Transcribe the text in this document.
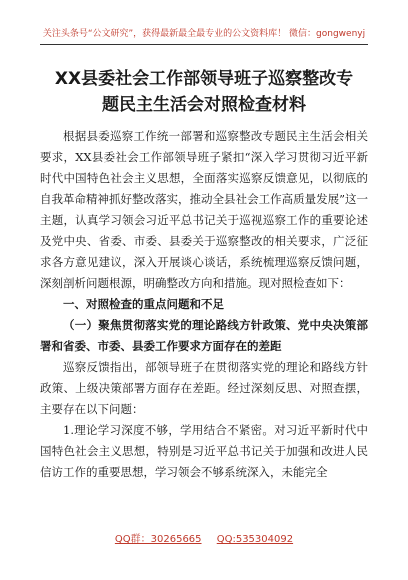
关注头条号“公文研究”，获得最新最全最专业的公文资料库！ 微信：gongwenyj
XX县委社会工作部领导班子巡察整改专
题民主生活会对照检查材料

根据县委巡察工作统一部署和巡察整改专题民主生活会相关要求，XX县委社会工作部领导班子紧扣“深入学习贯彻习近平新时代中国特色社会主义思想，全面落实巡察反馈意见，以彻底的自我革命精神抓好整改落实，推动全县社会工作高质量发展”这一主题，认真学习领会习近平总书记关于巡视巡察工作的重要论述及党中央、省委、市委、县委关于巡察整改的相关要求，广泛征求各方意见建议，深入开展谈心谈话，系统梳理巡察反馈问题，深刻剖析问题根源，明确整改方向和措施。现对照检查如下：

一、对照检查的重点问题和不足

（一）聚焦贯彻落实党的理论路线方针政策、党中央决策部署和省委、市委、县委工作要求方面存在的差距

巡察反馈指出，部领导班子在贯彻落实党的理论和路线方针政策、上级决策部署方面存在差距。经过深刻反思、对照查摆，主要存在以下问题：

1.理论学习深度不够，学用结合不紧密。对习近平新时代中国特色社会主义思想，特别是习近平总书记关于加强和改进人民信访工作的重要思想，学习领会不够系统深入，未能完全

QQ群：30265665 QQ:535304092
